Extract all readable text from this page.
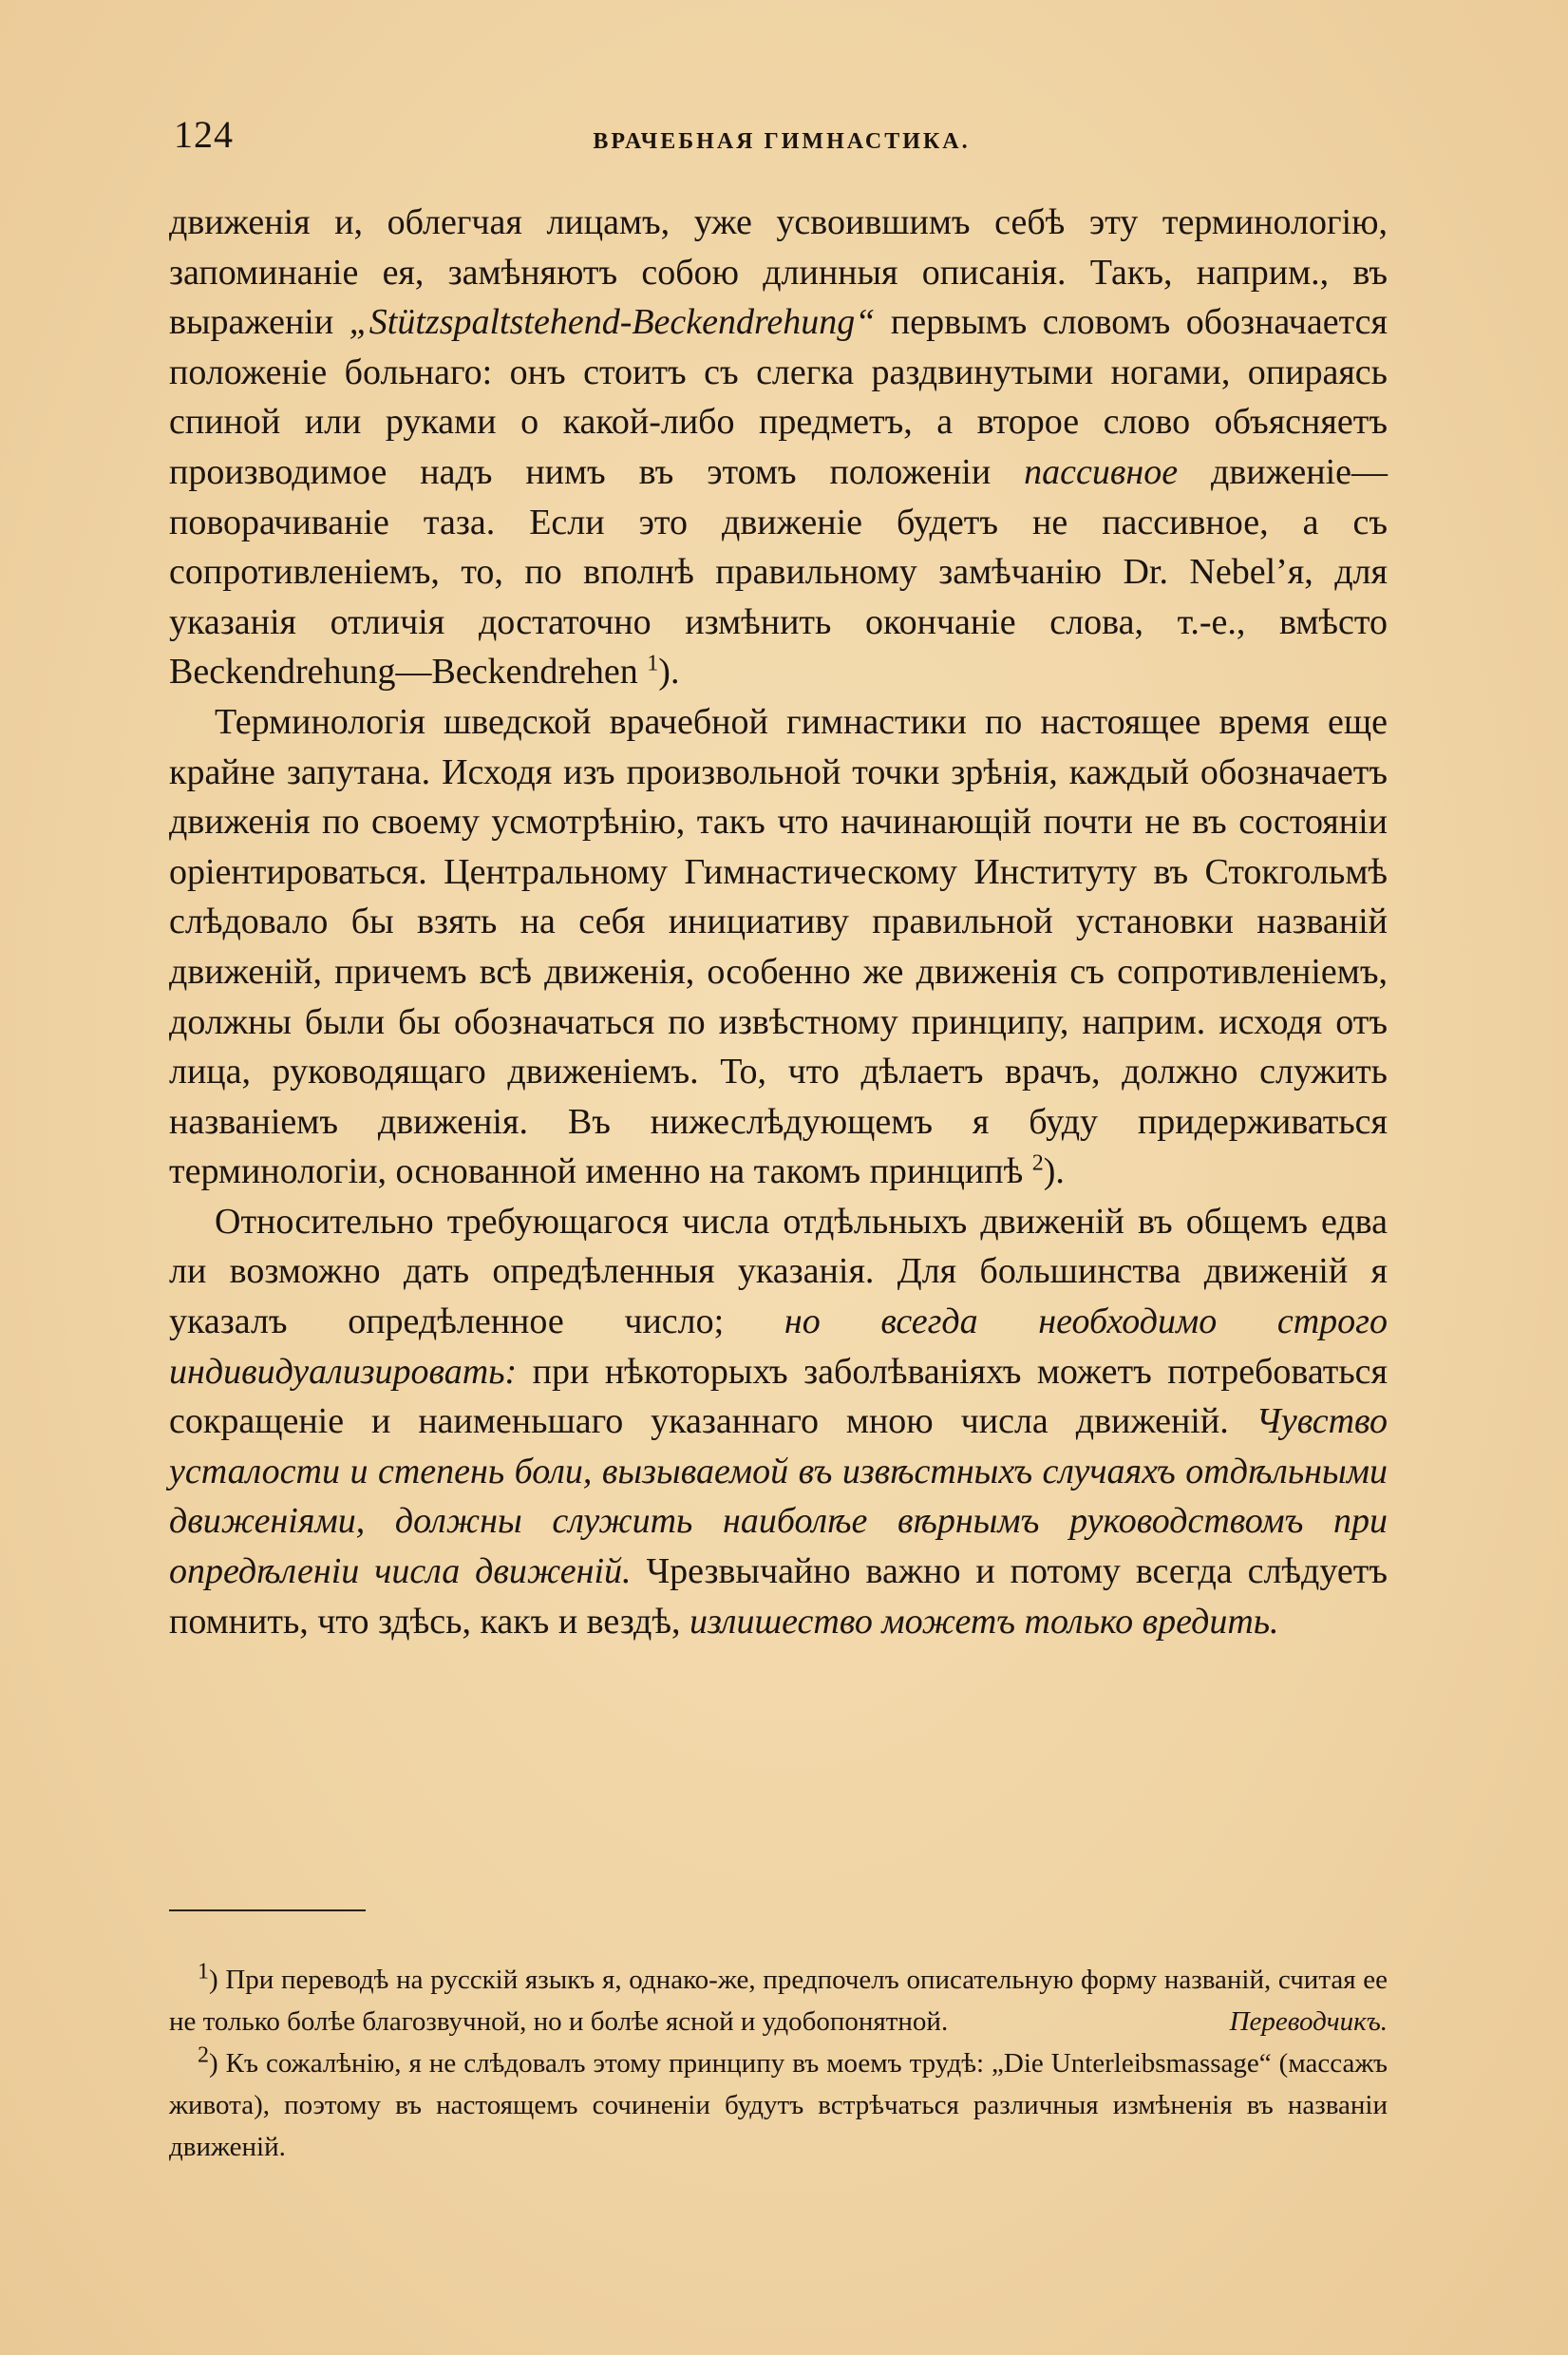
124	ВРАЧЕБНАЯ ГИМНАСТИКА.

движенія и, облегчая лицамъ, уже усвоившимъ себѣ эту терминологію, запоминаніе ея, замѣняютъ собою длинныя описанія. Такъ, наприм., въ выраженіи „Stützspaltstehend-Beckendrehung“ первымъ словомъ обозначается положеніе больнаго: онъ стоитъ съ слегка раздвинутыми ногами, опираясь спиной или руками о какой-либо предметъ, а второе слово объясняетъ производимое надъ нимъ въ этомъ положеніи пассивное движеніе—поворачиваніе таза. Если это движеніе будетъ не пассивное, а съ сопротивленіемъ, то, по вполнѣ правильному замѣчанію Dr. Nebel’я, для указанія отличія достаточно измѣнить окончаніе слова, т.-е., вмѣсто Beckendrehung—Beckendrehen $^1$).

Терминологія шведской врачебной гимнастики по настоящее время еще крайне запутана. Исходя изъ произвольной точки зрѣнія, каждый обозначаетъ движенія по своему усмотрѣнію, такъ что начинающій почти не въ состояніи оріентироваться. Центральному Гимнастическому Институту въ Стокгольмѣ слѣдовало бы взять на себя инициативу правильной установки названій движеній, причемъ всѣ движенія, особенно же движенія съ сопротивленіемъ, должны были бы обозначаться по извѣстному принципу, наприм. исходя отъ лица, руководящаго движеніемъ. То, что дѣлаетъ врачъ, должно служить названіемъ движенія. Въ нижеслѣдующемъ я буду придерживаться терминологіи, основанной именно на такомъ принципѣ $^2$).

Относительно требующагося числа отдѣльныхъ движеній въ общемъ едва ли возможно дать опредѣленныя указанія. Для большинства движеній я указалъ опредѣленное число; но всегда необходимо строго индивидуализировать: при нѣкоторыхъ заболѣваніяхъ можетъ потребоваться сокращеніе и наименьшаго указаннаго мною числа движеній. Чувство усталости и степень боли, вызываемой въ извѣстныхъ случаяхъ отдѣльными движеніями, должны служить наиболѣе вѣрнымъ руководствомъ при опредѣленіи числа движеній. Чрезвычайно важно и потому всегда слѣдуетъ помнить, что здѣсь, какъ и вездѣ, излишество можетъ только вредить.

$^1$) При переводѣ на русскій языкъ я, однако-же, предпочелъ описательную форму названій, считая ее не только болѣе благозвучной, но и болѣе ясной и удобопонятной.	Переводчикъ.

$^2$) Къ сожалѣнію, я не слѣдовалъ этому принципу въ моемъ трудѣ: „Die Unterleibsmassage“ (массажъ живота), поэтому въ настоящемъ сочиненіи будутъ встрѣчаться различныя измѣненія въ названіи движеній.
